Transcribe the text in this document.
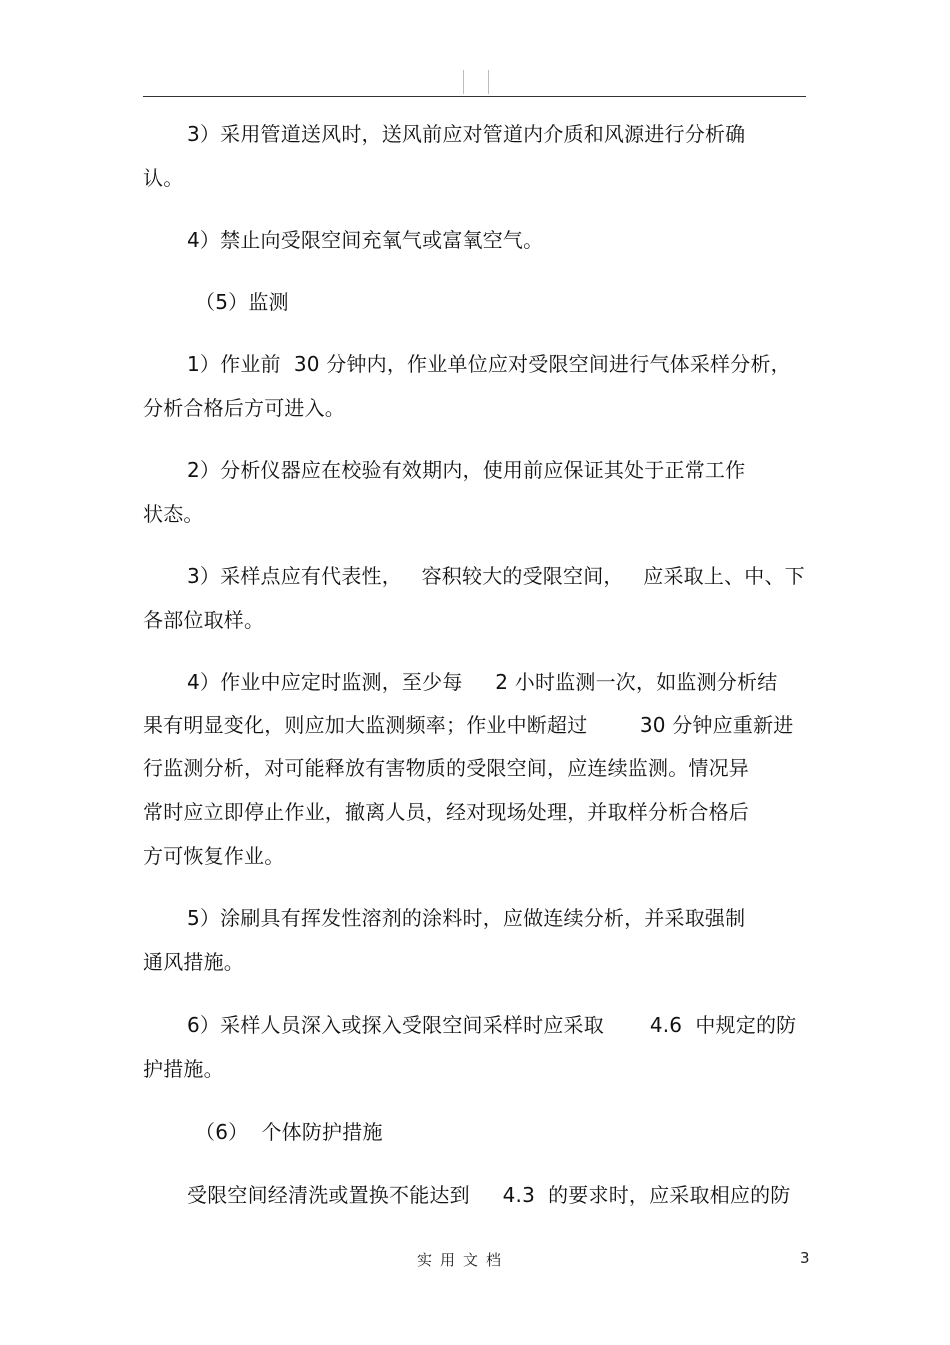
3）采用管道送风时，送风前应对管道内介质和风源进行分析确
认。
4）禁止向受限空间充氧气或富氧空气。
（5）监测
1）作业前  30 分钟内，作业单位应对受限空间进行气体采样分析，
分析合格后方可进入。
2）分析仪器应在校验有效期内，使用前应保证其处于正常工作
状态。
3）采样点应有代表性，   容积较大的受限空间，   应采取上、中、下
各部位取样。
4）作业中应定时监测，至少每     2 小时监测一次，如监测分析结
果有明显变化，则应加大监测频率；作业中断超过        30 分钟应重新进
行监测分析，对可能释放有害物质的受限空间，应连续监测。情况异
常时应立即停止作业，撤离人员，经对现场处理，并取样分析合格后
方可恢复作业。
5）涂刷具有挥发性溶剂的涂料时，应做连续分析，并采取强制
通风措施。
6）采样人员深入或探入受限空间采样时应采取       4.6  中规定的防
护措施。
（6）  个体防护措施
受限空间经清洗或置换不能达到     4.3  的要求时，应采取相应的防
实用文档	3
